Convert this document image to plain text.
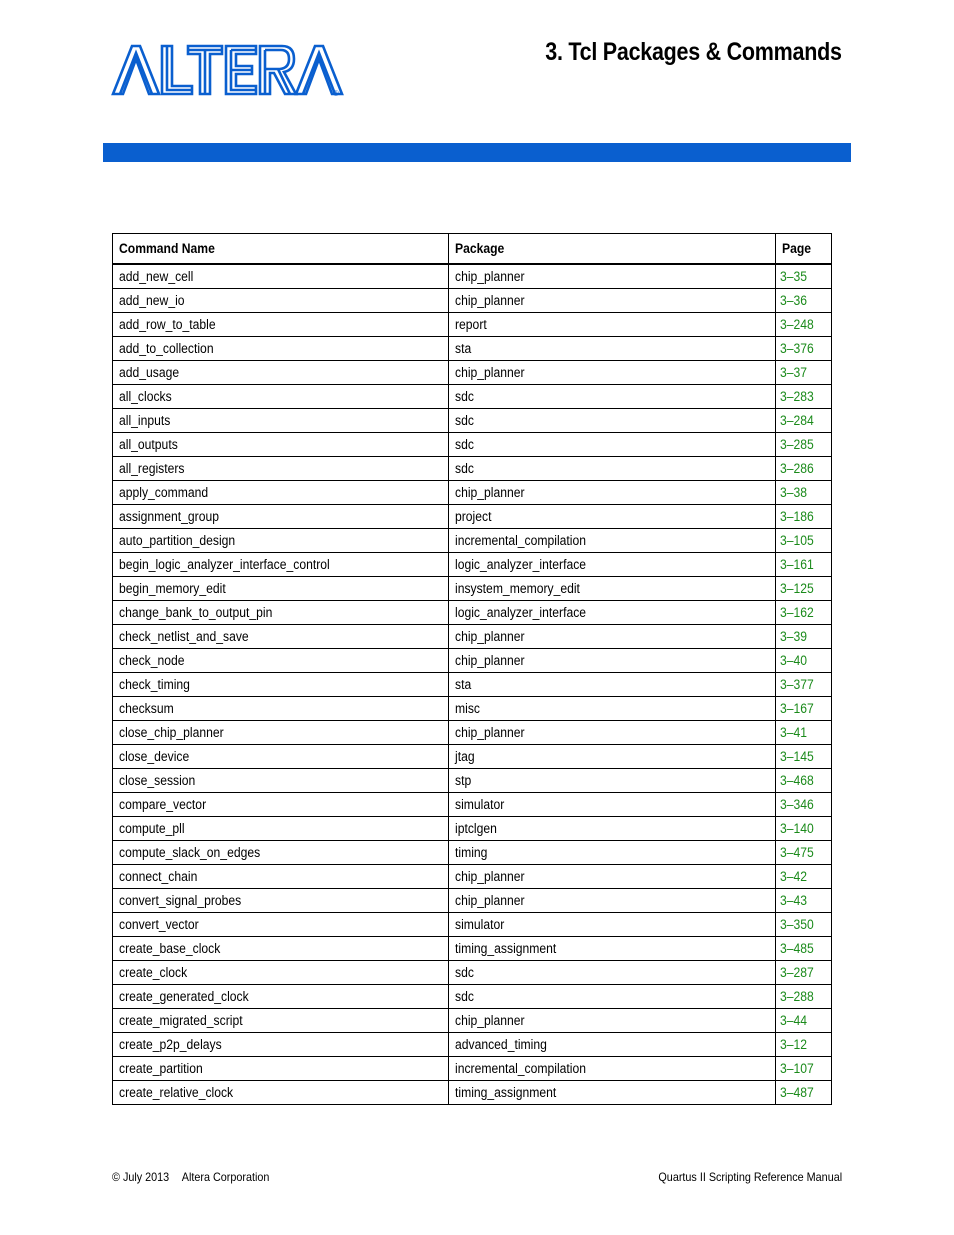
®
3. Tcl Packages & Commands
Command Name	Package	Page
add_new_cell	chip_planner	3–35
add_new_io	chip_planner	3–36
add_row_to_table	report	3–248
add_to_collection	sta	3–376
add_usage	chip_planner	3–37
all_clocks	sdc	3–283
all_inputs	sdc	3–284
all_outputs	sdc	3–285
all_registers	sdc	3–286
apply_command	chip_planner	3–38
assignment_group	project	3–186
auto_partition_design	incremental_compilation	3–105
begin_logic_analyzer_interface_control	logic_analyzer_interface	3–161
begin_memory_edit	insystem_memory_edit	3–125
change_bank_to_output_pin	logic_analyzer_interface	3–162
check_netlist_and_save	chip_planner	3–39
check_node	chip_planner	3–40
check_timing	sta	3–377
checksum	misc	3–167
close_chip_planner	chip_planner	3–41
close_device	jtag	3–145
close_session	stp	3–468
compare_vector	simulator	3–346
compute_pll	iptclgen	3–140
compute_slack_on_edges	timing	3–475
connect_chain	chip_planner	3–42
convert_signal_probes	chip_planner	3–43
convert_vector	simulator	3–350
create_base_clock	timing_assignment	3–485
create_clock	sdc	3–287
create_generated_clock	sdc	3–288
create_migrated_script	chip_planner	3–44
create_p2p_delays	advanced_timing	3–12
create_partition	incremental_compilation	3–107
create_relative_clock	timing_assignment	3–487
© July 2013 Altera Corporation	Quartus II Scripting Reference Manual
